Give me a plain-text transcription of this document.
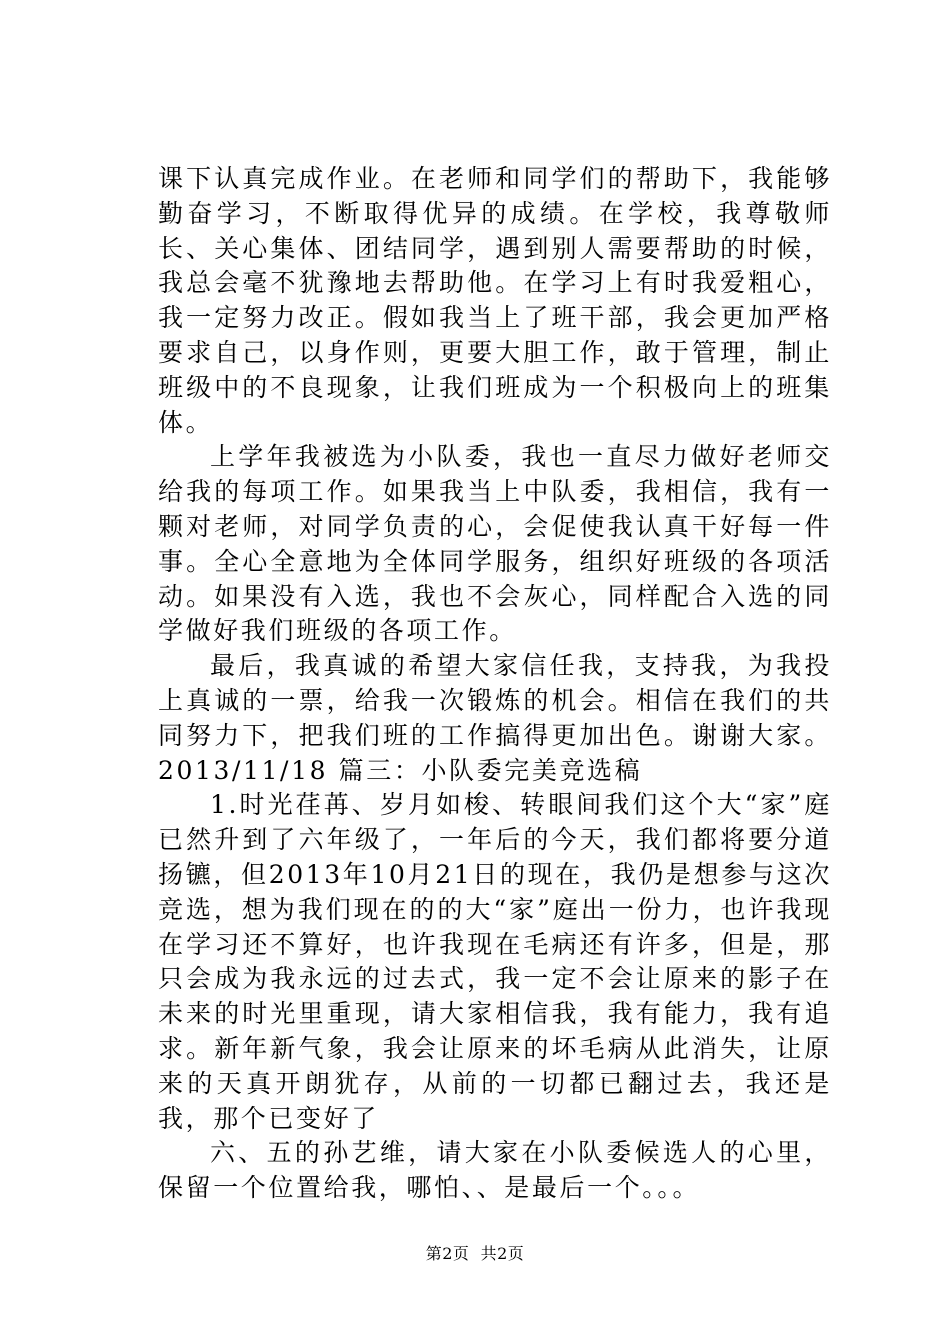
课下认真完成作业。在老师和同学们的帮助下，我能够勤奋学习，不断取得优异的成绩。在学校，我尊敬师长、关心集体、团结同学，遇到别人需要帮助的时候，我总会毫不犹豫地去帮助他。在学习上有时我爱粗心，我一定努力改正。假如我当上了班干部，我会更加严格要求自己，以身作则，更要大胆工作，敢于管理，制止班级中的不良现象，让我们班成为一个积极向上的班集体。

上学年我被选为小队委，我也一直尽力做好老师交给我的每项工作。如果我当上中队委，我相信，我有一颗对老师，对同学负责的心，会促使我认真干好每一件事。全心全意地为全体同学服务，组织好班级的各项活动。如果没有入选，我也不会灰心，同样配合入选的同学做好我们班级的各项工作。

最后，我真诚的希望大家信任我，支持我，为我投上真诚的一票，给我一次锻炼的机会。相信在我们的共同努力下，把我们班的工作搞得更加出色。谢谢大家。2013/11/18 篇三：小队委完美竞选稿

1.时光荏苒、岁月如梭、转眼间我们这个大“家”庭已然升到了六年级了，一年后的今天，我们都将要分道扬镳，但2013年10月21日的现在，我仍是想参与这次竞选，想为我们现在的的大“家”庭出一份力，也许我现在学习还不算好，也许我现在毛病还有许多，但是，那只会成为我永远的过去式，我一定不会让原来的影子在未来的时光里重现，请大家相信我，我有能力，我有追求。新年新气象，我会让原来的坏毛病从此消失，让原来的天真开朗犹存，从前的一切都已翻过去，我还是我，那个已变好了

六、五的孙艺维，请大家在小队委候选人的心里，保留一个位置给我，哪怕、、是最后一个。。。

第2页 共2页
